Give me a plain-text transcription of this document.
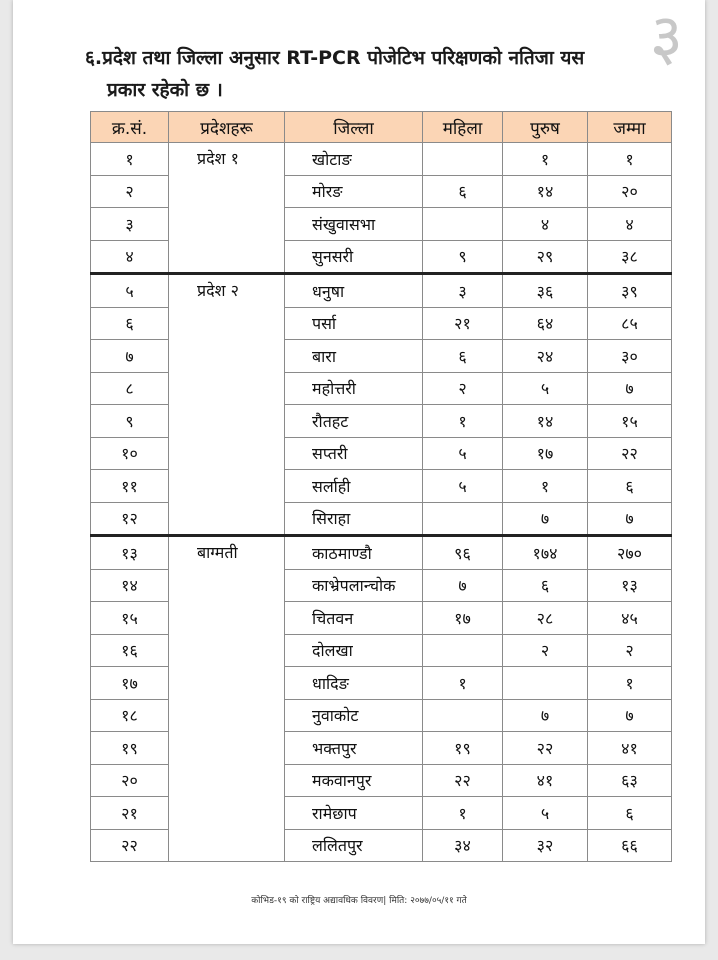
३
६.प्रदेश तथा जिल्ला अनुसार RT-PCR पोजेटिभ परिक्षणको नतिजा यस
प्रकार रहेको छ ।
क्र.सं.	प्रदेशहरू	जिल्ला	महिला	पुरुष	जम्मा
१	प्रदेश १	खोटाङ		१	१
२		मोरङ	६	१४	२०
३		संखुवासभा		४	४
४		सुनसरी	९	२९	३८
५	प्रदेश २	धनुषा	३	३६	३९
६		पर्सा	२१	६४	८५
७		बारा	६	२४	३०
८		महोत्तरी	२	५	७
९		रौतहट	१	१४	१५
१०		सप्तरी	५	१७	२२
११		सर्लाही	५	१	६
१२		सिराहा		७	७
१३	बाग्मती	काठमाण्डौ	९६	१७४	२७०
१४		काभ्रेपलान्चोक	७	६	१३
१५		चितवन	१७	२८	४५
१६		दोलखा		२	२
१७		धादिङ	१		१
१८		नुवाकोट		७	७
१९		भक्तपुर	१९	२२	४१
२०		मकवानपुर	२२	४१	६३
२१		रामेछाप	१	५	६
२२		ललितपुर	३४	३२	६६
कोभिड-१९ को राष्ट्रिय अद्यावधिक विवरण| मिति: २०७७/०५/११ गते
